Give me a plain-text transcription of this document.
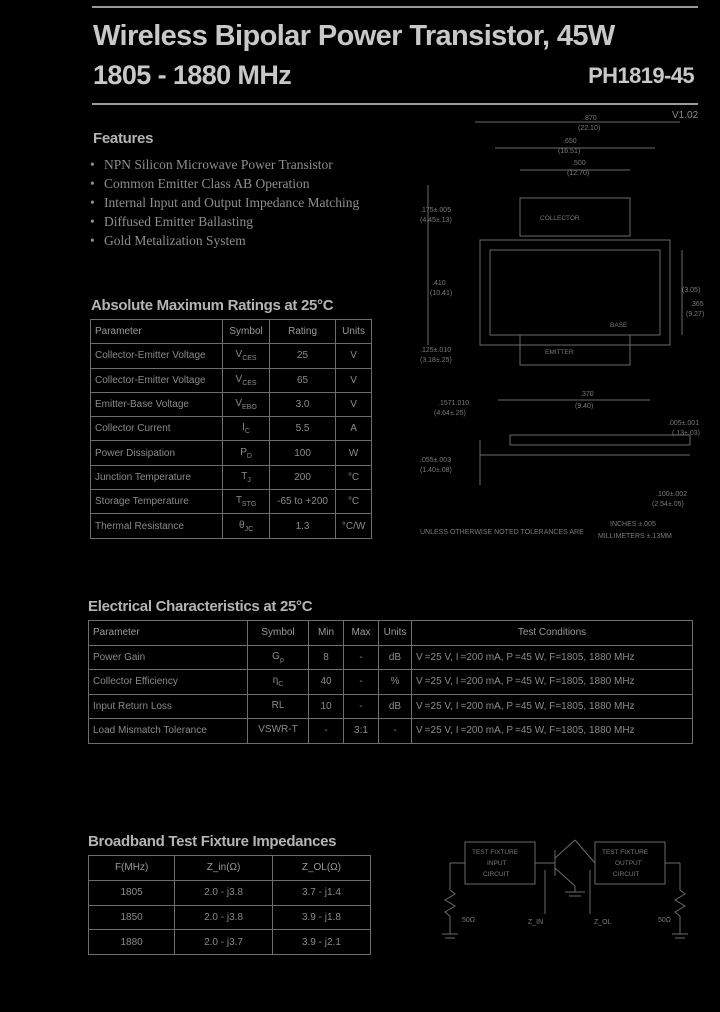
Wireless Bipolar Power Transistor, 45W
1805 - 1880 MHz	PH1819-45
V1.02
Features
• NPN Silicon Microwave Power Transistor
• Common Emitter Class AB Operation
• Internal Input and Output Impedance Matching
• Diffused Emitter Ballasting
• Gold Metalization System
Absolute Maximum Ratings at 25°C
Parameter	Symbol	Rating	Units
Collector-Emitter Voltage	$V_{CES}$	25	V
Collector-Emitter Voltage	$V_{CES}$	65	V
Emitter-Base Voltage	$V_{EBO}$	3.0	V
Collector Current	$I_C$	5.5	A
Power Dissipation	$P_D$	100	W
Junction Temperature	$T_J$	200	°C
Storage Temperature	$T_{STG}$	-65 to +200	°C
Thermal Resistance	$\theta_{JC}$	1.3	°C/W
.870
(22.10)
.650
(16.51)
.500
(12.70)
.175±.005
(4.45±.13)
.410
(10.41)	(3.05)
.365
(9.27)
.125±.010
(3.18±.25)
.370
(9.40)
.1571.010
(4.64±.25)
.005±.001
(.13±.03)
.055±.003
(1.40±.08)
.100±.002
(2.54±.05)
COLLECTOR
BASE
EMITTER
UNLESS OTHERWISE NOTED TOLERANCES ARE
INCHES ±.005
MILLIMETERS ±.13MM
Electrical Characteristics at 25°C
Parameter	Symbol	Min	Max	Units	Test Conditions
Power Gain	$G_p$	8	-	dB	V =25 V, I =200 mA, P =45 W, F=1805, 1880 MHz
Collector Efficiency	$\eta_C$	40	-	%	V =25 V, I =200 mA, P =45 W, F=1805, 1880 MHz
Input Return Loss	RL	10	-	dB	V =25 V, I =200 mA, P =45 W, F=1805, 1880 MHz
Load Mismatch Tolerance	VSWR-T	-	3:1	-	V =25 V, I =200 mA, P =45 W, F=1805, 1880 MHz
Broadband Test Fixture Impedances
F(MHz)	Z_in(Ω)	Z_OL(Ω)
1805	2.0 - j3.8	3.7 - j1.4
1850	2.0 - j3.8	3.9 - j1.8
1880	2.0 - j3.7	3.9 - j2.1
TEST FIXTURE
INPUT
CIRCUIT
TEST FIXTURE
OUTPUT
CIRCUIT
50Ω	50Ω
Z_IN	Z_OL
